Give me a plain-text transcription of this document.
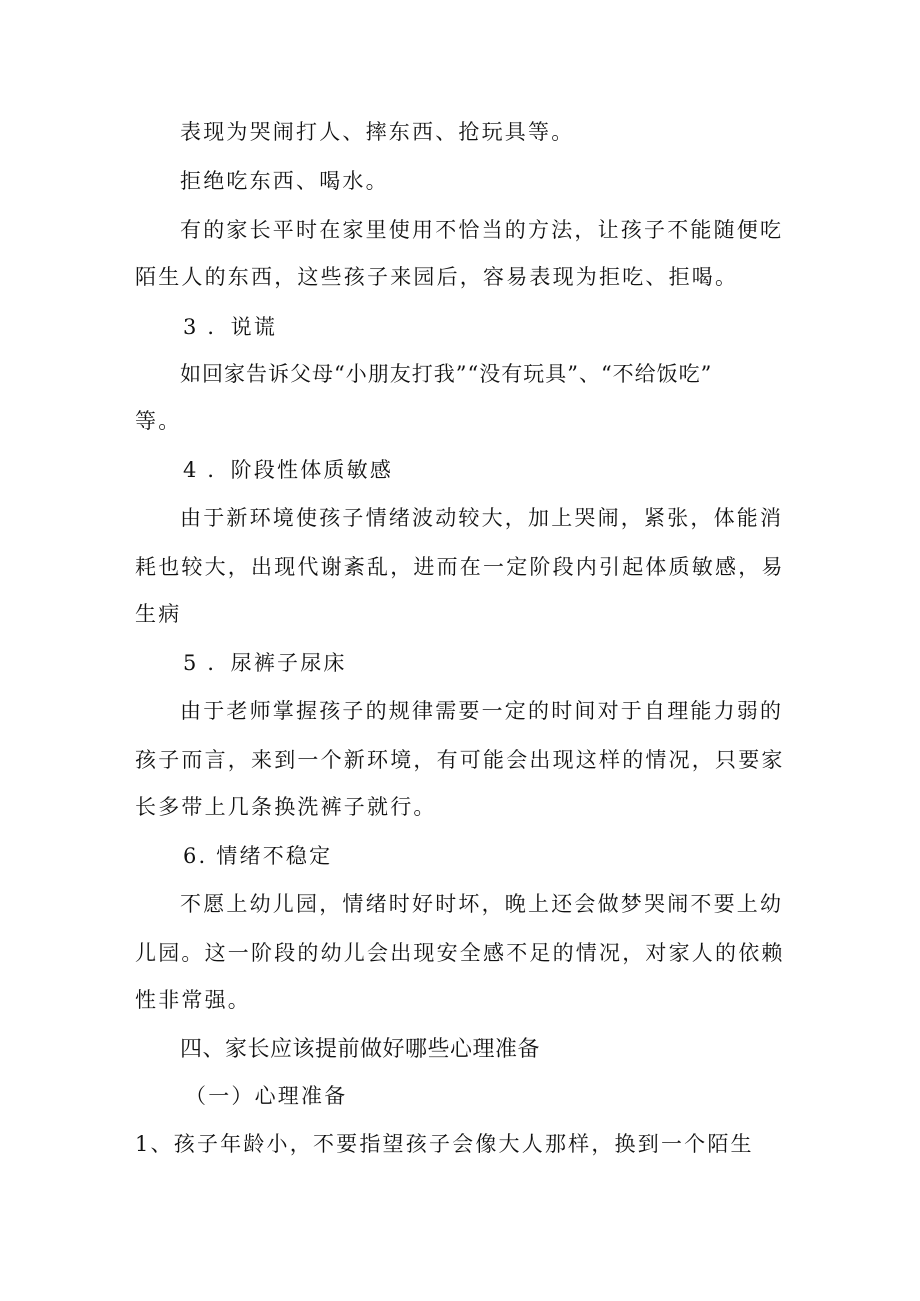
表现为哭闹打人、摔东西、抢玩具等。
拒绝吃东西、喝水。
有的家长平时在家里使用不恰当的方法，让孩子不能随便吃
陌生人的东西，这些孩子来园后，容易表现为拒吃、拒喝。
3 ．说谎
如回家告诉父母“小朋友打我”“没有玩具”、“不给饭吃”
等。
4 ．阶段性体质敏感
由于新环境使孩子情绪波动较大，加上哭闹，紧张，体能消
耗也较大，出现代谢紊乱，进而在一定阶段内引起体质敏感，易
生病
5 ．尿裤子尿床
由于老师掌握孩子的规律需要一定的时间对于自理能力弱的
孩子而言，来到一个新环境，有可能会出现这样的情况，只要家
长多带上几条换洗裤子就行。
6. 情绪不稳定
不愿上幼儿园，情绪时好时坏，晚上还会做梦哭闹不要上幼
儿园。这一阶段的幼儿会出现安全感不足的情况，对家人的依赖
性非常强。
四、家长应该提前做好哪些心理准备
（一）心理准备
1、孩子年龄小，不要指望孩子会像大人那样，换到一个陌生
